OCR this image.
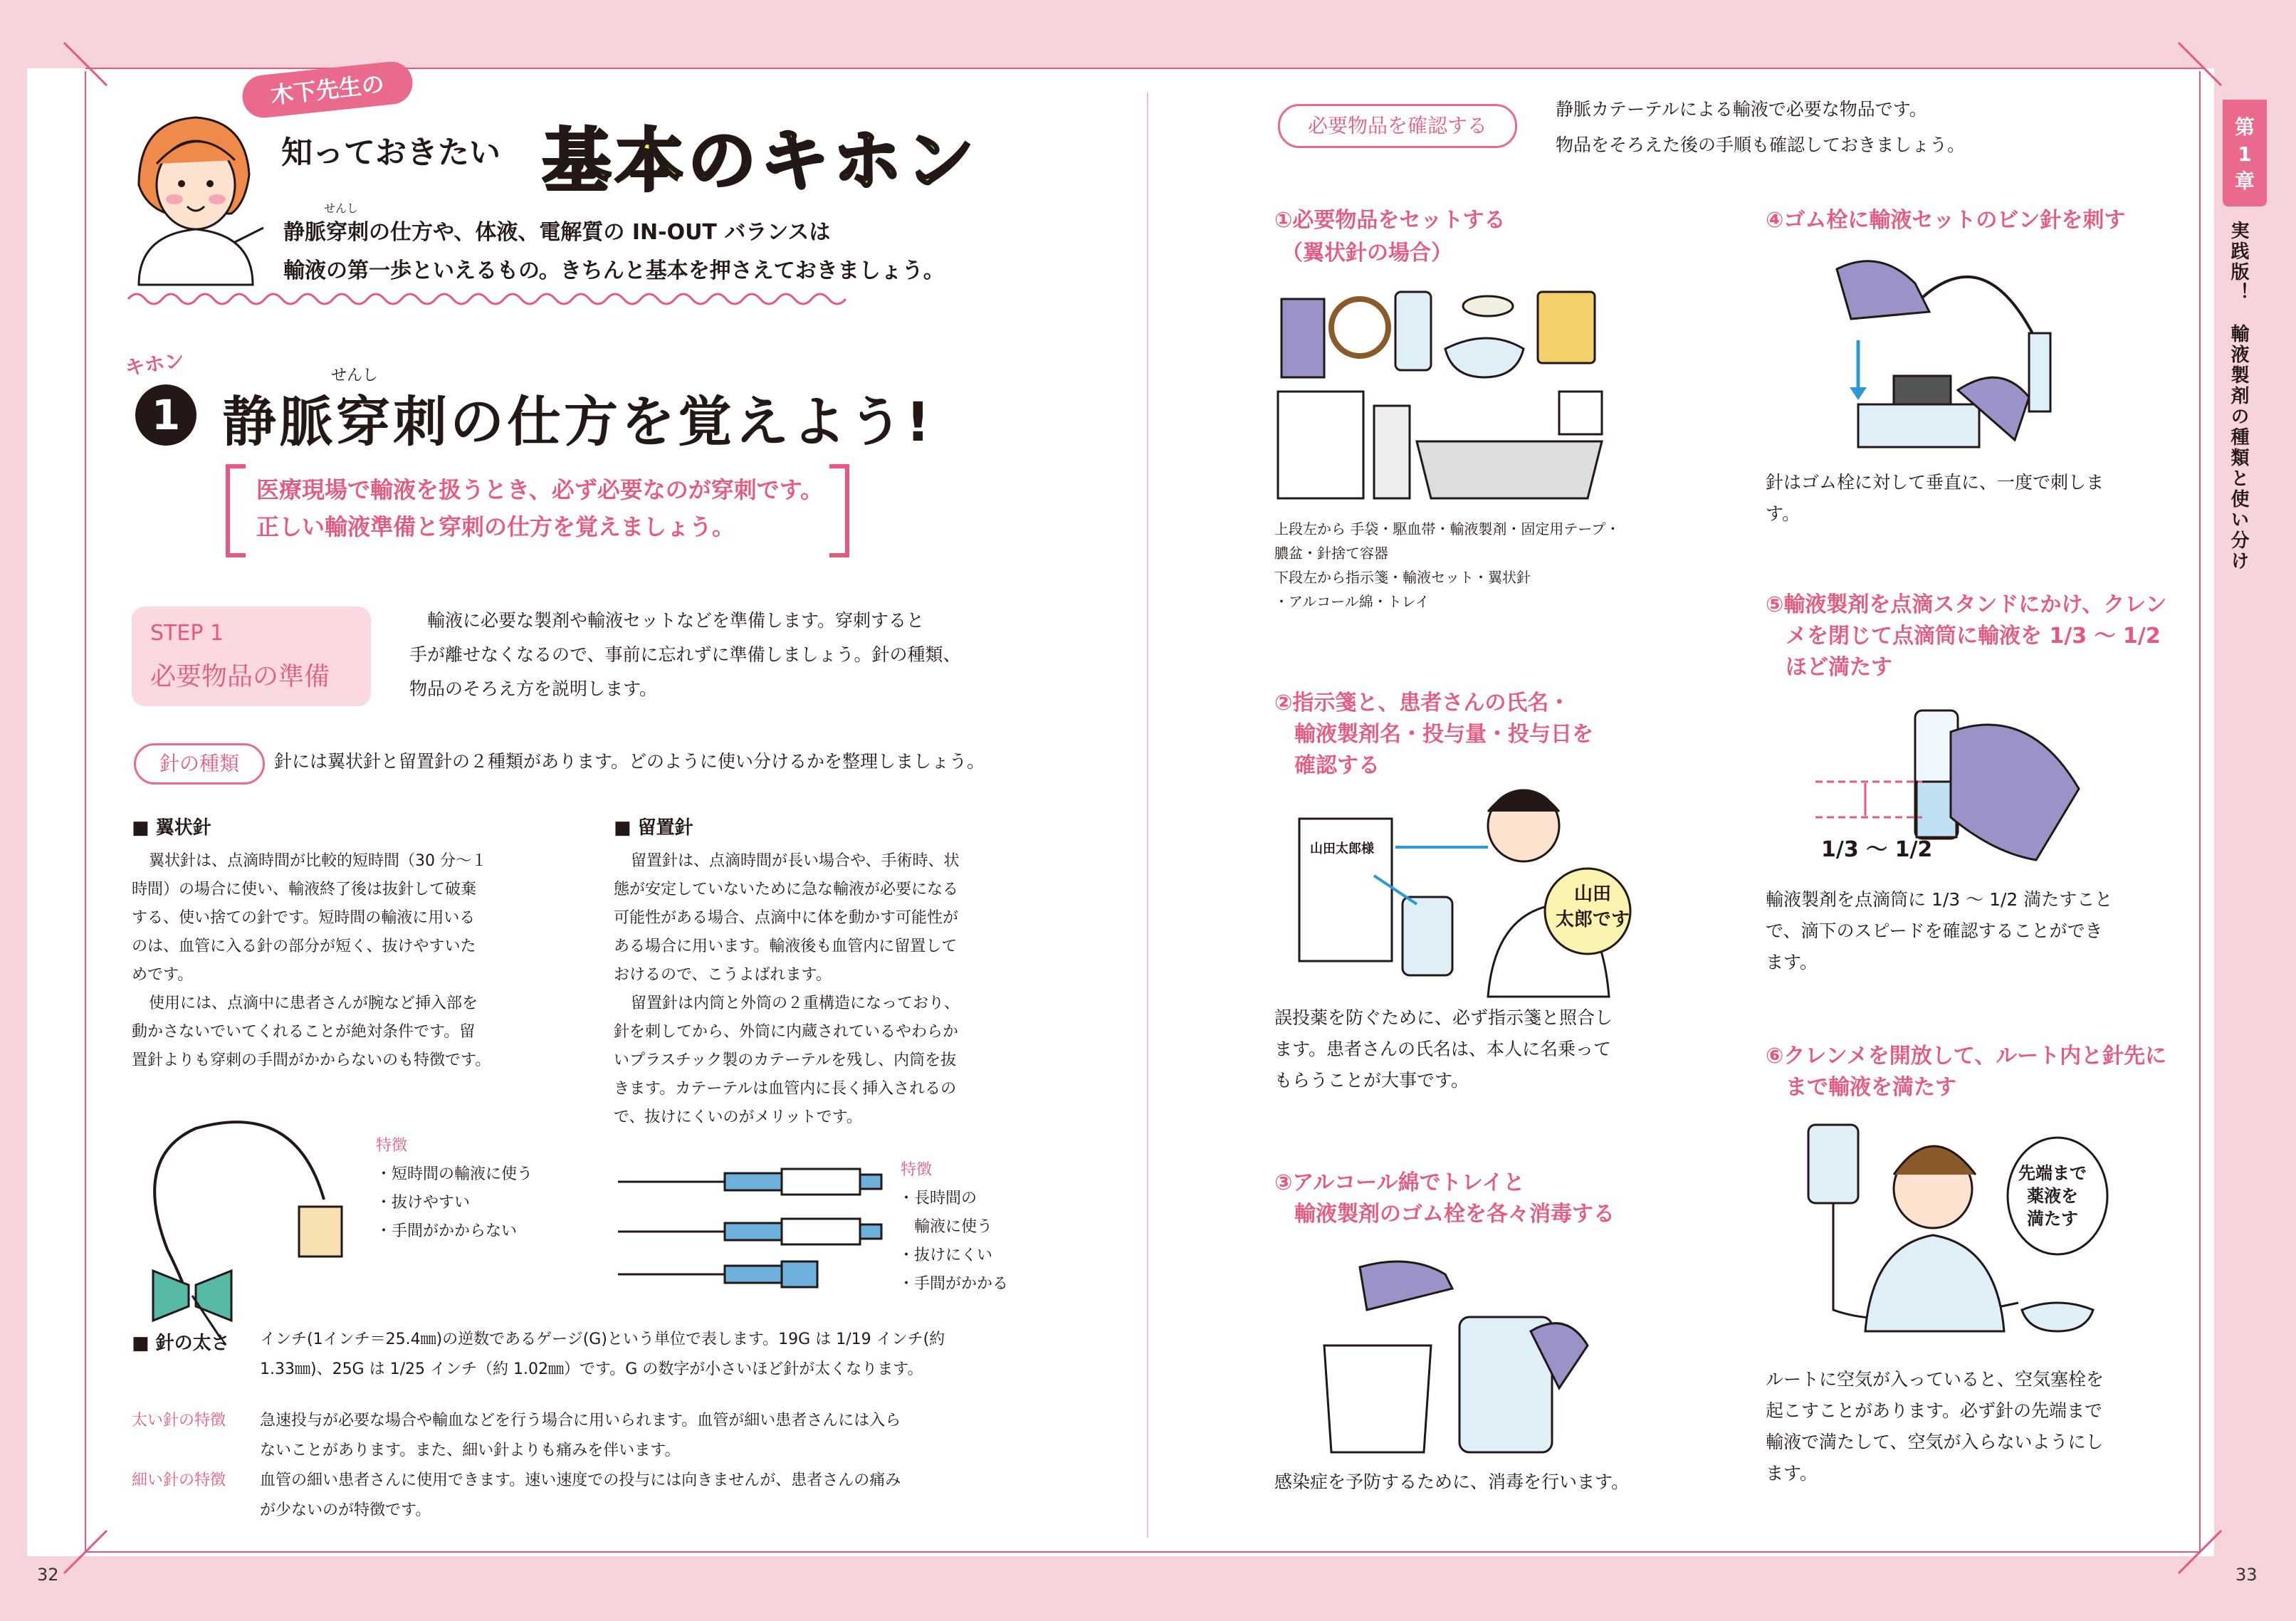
第
1
章
実践版！　輸液製剤の種類と使い分け
木下先生の
知っておきたい 基本のキホン
せんし
静脈穿刺の仕方や、体液、電解質の IN-OUT バランスは
輸液の第一歩といえるもの。きちんと基本を押さえておきましょう。
キホン
1
せんし
静脈穿刺の仕方を覚えよう!
医療現場で輸液を扱うとき、必ず必要なのが穿刺です。
正しい輸液準備と穿刺の仕方を覚えましょう。
STEP 1
必要物品の準備
輸液に必要な製剤や輸液セットなどを準備します。穿刺すると
手が離せなくなるので、事前に忘れずに準備しましょう。針の種類、
物品のそろえ方を説明します。
針の種類	針には翼状針と留置針の２種類があります。どのように使い分けるかを整理しましょう。
■ 翼状針
翼状針は、点滴時間が比較的短時間（30 分〜１
時間）の場合に使い、輸液終了後は抜針して破棄
する、使い捨ての針です。短時間の輸液に用いる
のは、血管に入る針の部分が短く、抜けやすいた
めです。
使用には、点滴中に患者さんが腕など挿入部を
動かさないでいてくれることが絶対条件です。留
置針よりも穿刺の手間がかからないのも特徴です。
特徴
・短時間の輸液に使う
・抜けやすい
・手間がかからない
■ 留置針
留置針は、点滴時間が長い場合や、手術時、状
態が安定していないために急な輸液が必要になる
可能性がある場合、点滴中に体を動かす可能性が
ある場合に用います。輸液後も血管内に留置して
おけるので、こうよばれます。
留置針は内筒と外筒の２重構造になっており、
針を刺してから、外筒に内蔵されているやわらか
いプラスチック製のカテーテルを残し、内筒を抜
きます。カテーテルは血管内に長く挿入されるの
で、抜けにくいのがメリットです。
特徴
・長時間の
　輸液に使う
・抜けにくい
・手間がかかる
■ 針の太さ インチ(1インチ＝25.4㎜)の逆数であるゲージ(G)という単位で表します。19G は 1/19 インチ(約
1.33㎜)、25G は 1/25 インチ（約 1.02㎜）です。G の数字が小さいほど針が太くなります。
太い針の特徴 急速投与が必要な場合や輸血などを行う場合に用いられます。血管が細い患者さんには入ら
ないことがあります。また、細い針よりも痛みを伴います。
細い針の特徴 血管の細い患者さんに使用できます。速い速度での投与には向きませんが、患者さんの痛み
が少ないのが特徴です。
必要物品を確認する
静脈カテーテルによる輸液で必要な物品です。
物品をそろえた後の手順も確認しておきましょう。
①必要物品をセットする
（翼状針の場合）
上段左から 手袋・駆血帯・輸液製剤・固定用テープ・
膿盆・針捨て容器
下段左から指示箋・輸液セット・翼状針
・アルコール綿・トレイ
②指示箋と、患者さんの氏名・
輸液製剤名・投与量・投与日を
確認する
山田太郎様
山田
太郎です
誤投薬を防ぐために、必ず指示箋と照合し
ます。患者さんの氏名は、本人に名乗って
もらうことが大事です。
③アルコール綿でトレイと
輸液製剤のゴム栓を各々消毒する
感染症を予防するために、消毒を行います。
④ゴム栓に輸液セットのビン針を刺す
針はゴム栓に対して垂直に、一度で刺しま
す。
⑤輸液製剤を点滴スタンドにかけ、クレン
メを閉じて点滴筒に輸液を 1/3 〜 1/2
ほど満たす
1/3 〜 1/2
輸液製剤を点滴筒に 1/3 〜 1/2 満たすこと
で、滴下のスピードを確認することができ
ます。
⑥クレンメを開放して、ルート内と針先に
まで輸液を満たす
先端まで
薬液を
満たす
ルートに空気が入っていると、空気塞栓を
起こすことがあります。必ず針の先端まで
輸液で満たして、空気が入らないようにし
ます。
32	33
